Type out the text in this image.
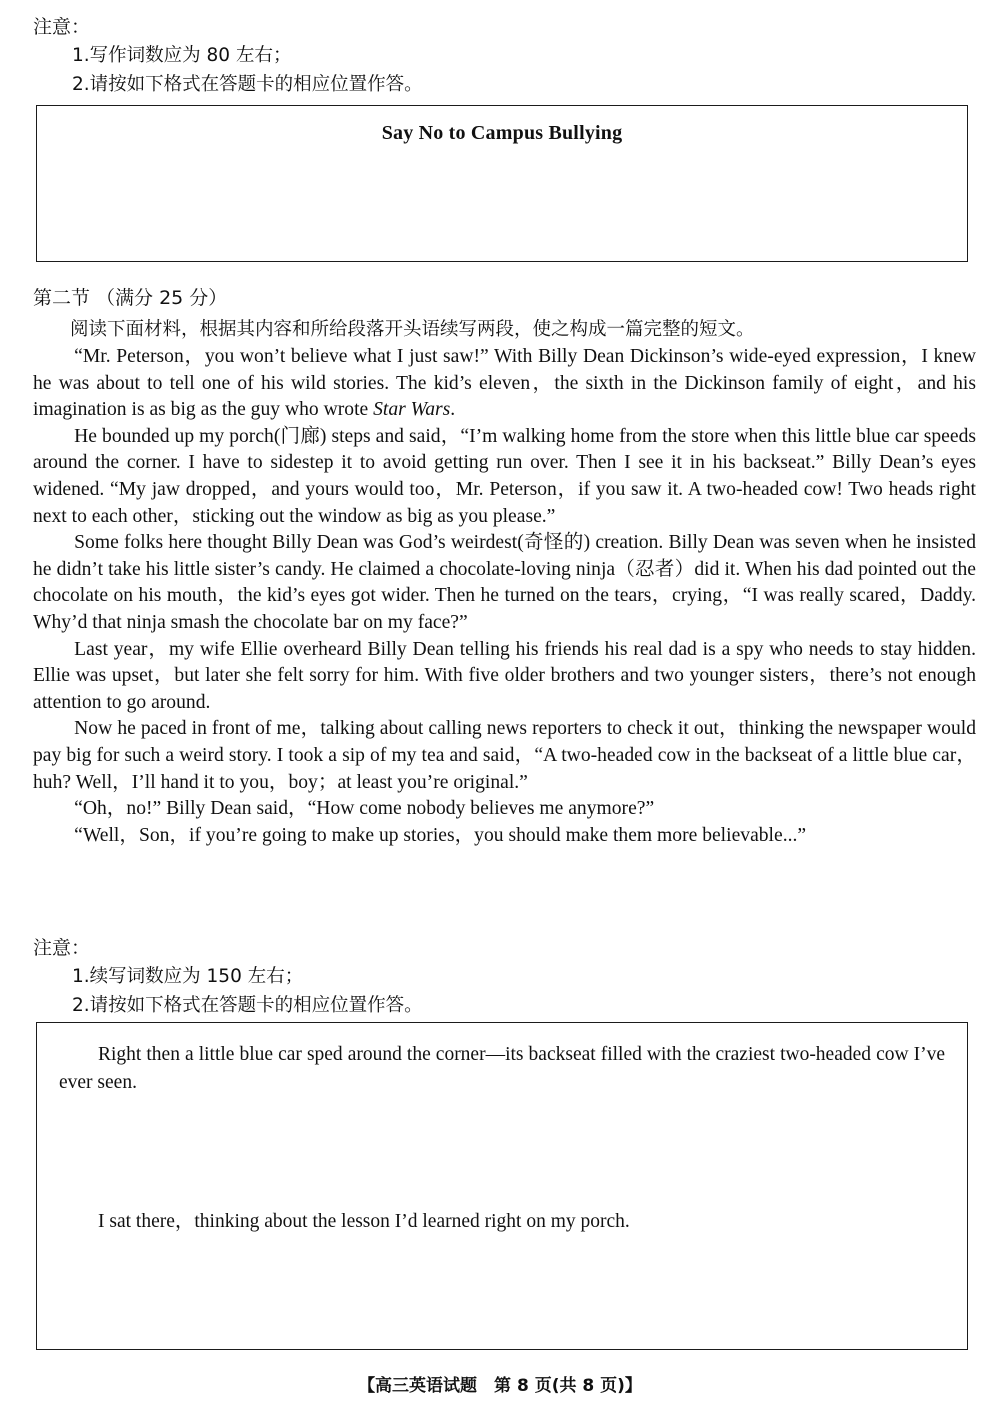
注意：
1.写作词数应为 80 左右；
2.请按如下格式在答题卡的相应位置作答。
Say No to Campus Bullying
第二节 （满分 25 分）
阅读下面材料，根据其内容和所给段落开头语续写两段，使之构成一篇完整的短文。

“Mr. Peterson，you won’t believe what I just saw!” With Billy Dean Dickinson’s wide-eyed expression，I knew he was about to tell one of his wild stories. The kid’s eleven，the sixth in the Dickinson family of eight，and his imagination is as big as the guy who wrote Star Wars.

He bounded up my porch(门廊) steps and said，“I’m walking home from the store when this little blue car speeds around the corner. I have to sidestep it to avoid getting run over. Then I see it in his backseat.” Billy Dean’s eyes widened. “My jaw dropped，and yours would too，Mr. Peterson，if you saw it. A two-headed cow! Two heads right next to each other，sticking out the window as big as you please.”

Some folks here thought Billy Dean was God’s weirdest(奇怪的) creation. Billy Dean was seven when he insisted he didn’t take his little sister’s candy. He claimed a chocolate-loving ninja（忍者）did it. When his dad pointed out the chocolate on his mouth，the kid’s eyes got wider. Then he turned on the tears，crying，“I was really scared，Daddy. Why’d that ninja smash the chocolate bar on my face?”

Last year，my wife Ellie overheard Billy Dean telling his friends his real dad is a spy who needs to stay hidden. Ellie was upset，but later she felt sorry for him. With five older brothers and two younger sisters，there’s not enough attention to go around.

Now he paced in front of me，talking about calling news reporters to check it out，thinking the newspaper would pay big for such a weird story. I took a sip of my tea and said，“A two-headed cow in the backseat of a little blue car，huh? Well，I’ll hand it to you，boy；at least you’re original.”

“Oh，no!” Billy Dean said，“How come nobody believes me anymore?”

“Well，Son，if you’re going to make up stories，you should make them more believable...”

注意：
1.续写词数应为 150 左右；
2.请按如下格式在答题卡的相应位置作答。
Right then a little blue car sped around the corner—its backseat filled with the craziest two-headed cow I’ve ever seen.
I sat there，thinking about the lesson I’d learned right on my porch.
【高三英语试题　第 8 页(共 8 页)】
